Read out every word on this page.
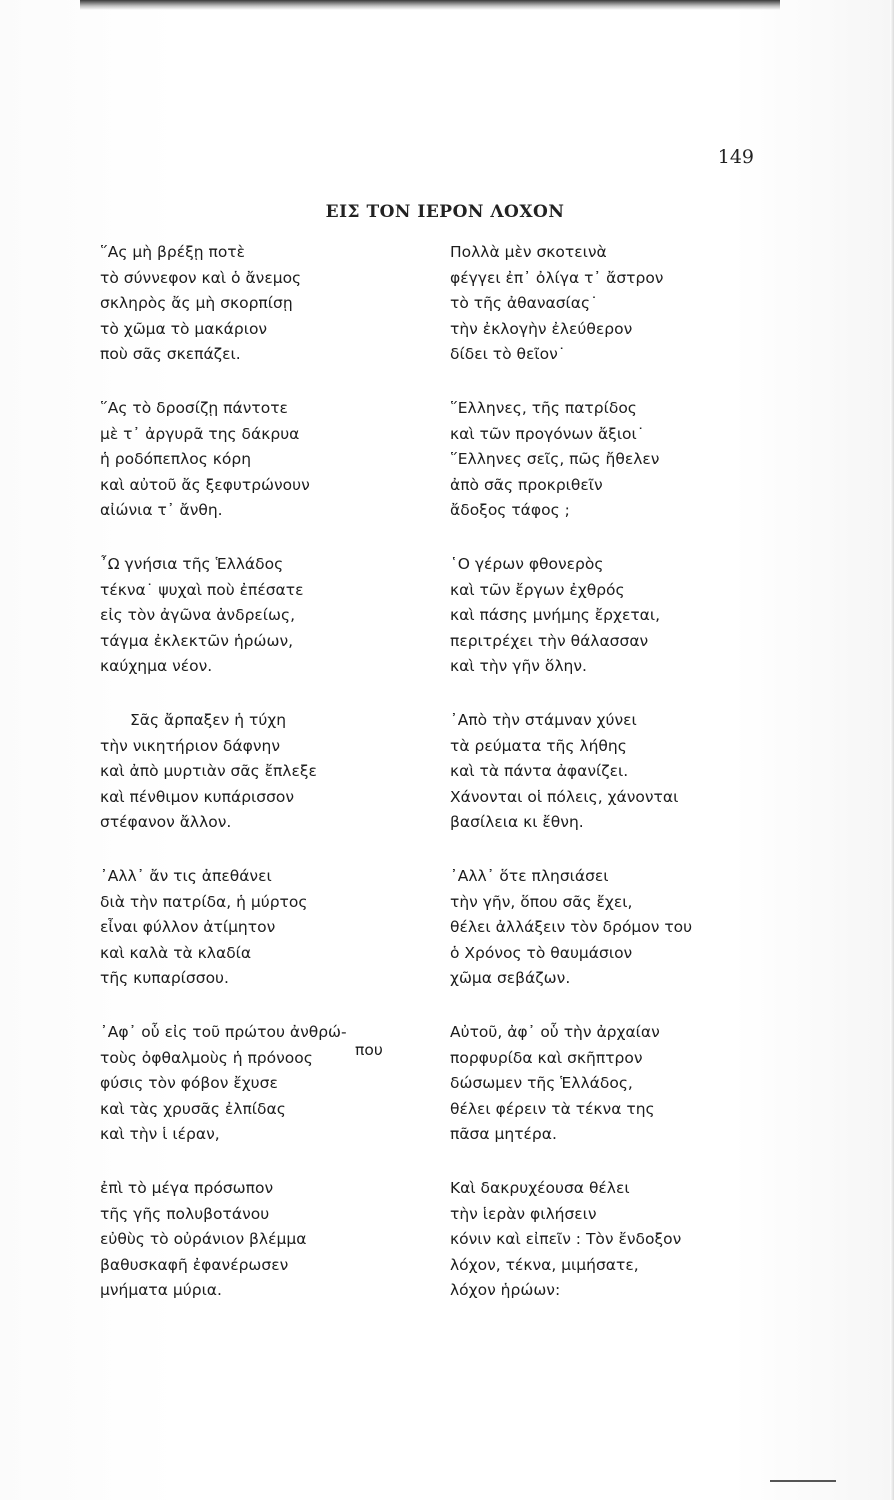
149
ΕΙΣ ΤΟΝ ΙΕΡΟΝ ΛΟΧΟΝ
῞Ας μὴ βρέξῃ ποτὲ
τὸ σύννεφον καὶ ὁ ἄνεμος
σκληρὸς ἄς μὴ σκορπίσῃ
τὸ χῶμα τὸ μακάριον
ποὺ σᾶς σκεπάζει.
῞Ας τὸ δροσίζῃ πάντοτε
μὲ τ᾽ ἀργυρᾶ της δάκρυα
ἡ ροδόπεπλος κόρη
καὶ αὐτοῦ ἄς ξεφυτρώνουν
αἰώνια τ᾽ ἄνθη.
῏Ω γνήσια τῆς Ἑλλάδος
τέκνα˙ ψυχαὶ ποὺ ἐπέσατε
εἰς τὸν ἀγῶνα ἀνδρείως,
τάγμα ἐκλεκτῶν ἡρώων,
καύχημα νέον.
Σᾶς ἄρπαξεν ἡ τύχη
τὴν νικητήριον δάφνην
καὶ ἀπὸ μυρτιὰν σᾶς ἔπλεξε
καὶ πένθιμον κυπάρισσον
στέφανον ἄλλον.
᾽Αλλ᾽ ἄν τις ἀπεθάνει
διὰ τὴν πατρίδα, ἡ μύρτος
εἶναι φύλλον ἀτίμητον
καὶ καλὰ τὰ κλαδία
τῆς κυπαρίσσου.
᾽Αφ᾽ οὗ εἰς τοῦ πρώτου ἀνθρώ-
που
τοὺς ὀφθαλμοὺς ἡ πρόνοος
φύσις τὸν φόβον ἔχυσε
καὶ τὰς χρυσᾶς ἐλπίδας
καὶ τὴν ἱ ιέραν,
ἐπὶ τὸ μέγα πρόσωπον
τῆς γῆς πολυβοτάνου
εὐθὺς τὸ οὐράνιον βλέμμα
βαθυσκαφῆ ἐφανέρωσεν
μνήματα μύρια.
Πολλὰ μὲν σκοτεινὰ
φέγγει ἐπ᾽ ὀλίγα τ᾽ ἄστρον
τὸ τῆς ἀθανασίας˙
τὴν ἐκλογὴν ἐλεύθερον
δίδει τὸ θεῖον˙
῞Ελληνες, τῆς πατρίδος
καὶ τῶν προγόνων ἄξιοι˙
῞Ελληνες σεῖς, πῶς ἤθελεν
ἀπὸ σᾶς προκριθεῖν
ἄδοξος τάφος ;
῾Ο γέρων φθονερὸς
καὶ τῶν ἔργων ἐχθρός
καὶ πάσης μνήμης ἔρχεται,
περιτρέχει τὴν θάλασσαν
καὶ τὴν γῆν ὅλην.
᾽Απὸ τὴν στάμναν χύνει
τὰ ρεύματα τῆς λήθης
καὶ τὰ πάντα ἀφανίζει.
Χάνονται οἱ πόλεις, χάνονται
βασίλεια κι ἔθνη.
᾽Αλλ᾽ ὅτε πλησιάσει
τὴν γῆν, ὅπου σᾶς ἔχει,
θέλει ἀλλάξειν τὸν δρόμον του
ὁ Χρόνος τὸ θαυμάσιον
χῶμα σεβάζων.
Αὐτοῦ, ἀφ᾽ οὗ τὴν ἀρχαίαν
πορφυρίδα καὶ σκῆπτρον
δώσωμεν τῆς Ἑλλάδος,
θέλει φέρειν τὰ τέκνα της
πᾶσα μητέρα.
Καὶ δακρυχέουσα θέλει
τὴν ἱερὰν φιλήσειν
κόνιν καὶ εἰπεῖν : Τὸν ἔνδοξον
λόχον, τέκνα, μιμήσατε,
λόχον ἡρώων:
